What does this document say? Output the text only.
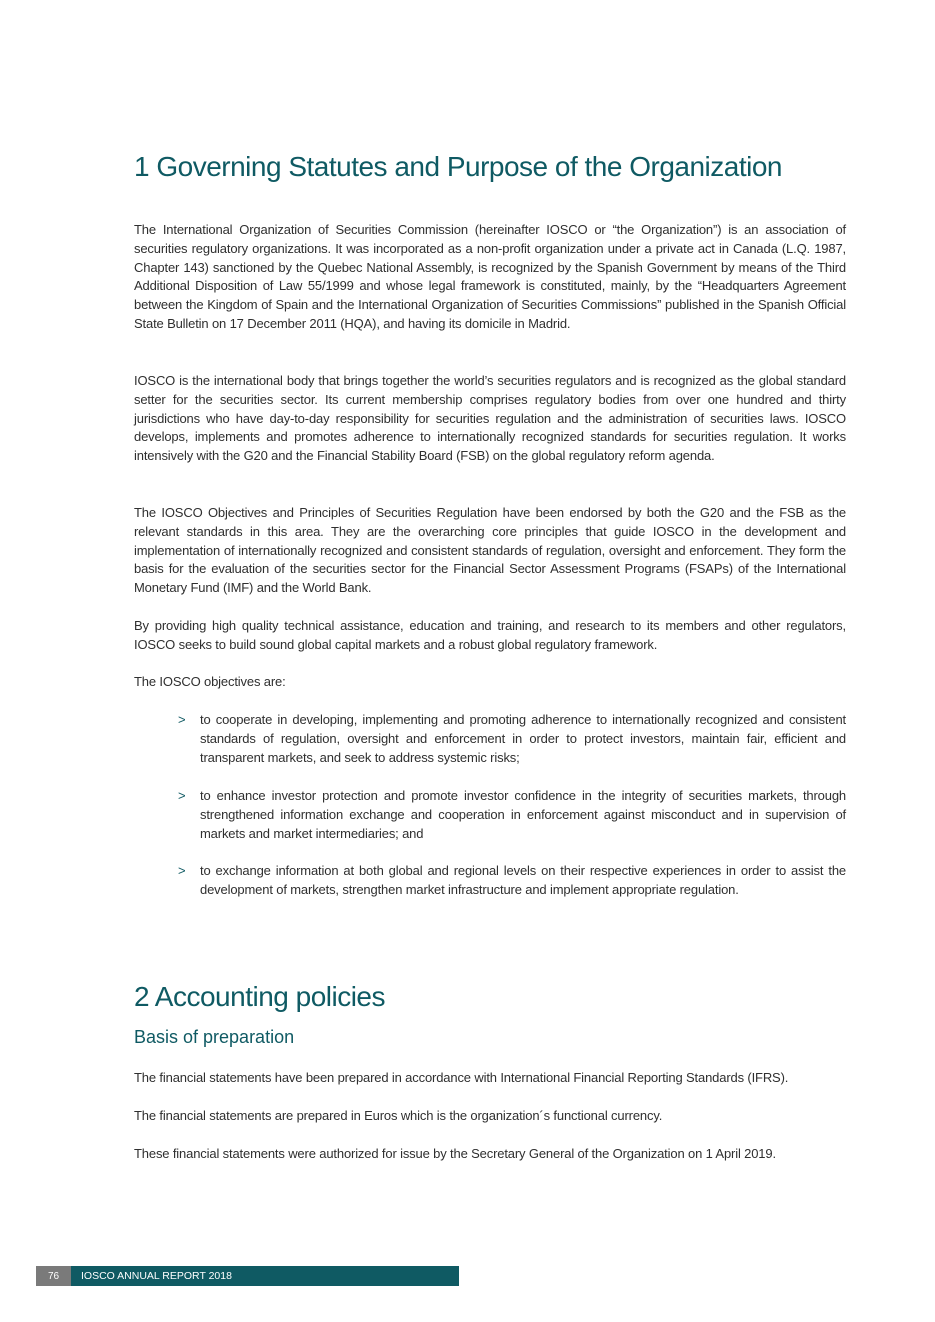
1 Governing Statutes and Purpose of the Organization

The International Organization of Securities Commission (hereinafter IOSCO or “the Organization”) is an association of securities regulatory organizations. It was incorporated as a non-profit organization under a private act in Canada (L.Q. 1987, Chapter 143) sanctioned by the Quebec National Assembly, is recognized by the Spanish Government by means of the Third Additional Disposition of Law 55/1999 and whose legal framework is constituted, mainly, by the “Headquarters Agreement between the Kingdom of Spain and the International Organization of Securities Commissions” published in the Spanish Official State Bulletin on 17 December 2011 (HQA), and having its domicile in Madrid.

IOSCO is the international body that brings together the world’s securities regulators and is recognized as the global standard setter for the securities sector. Its current membership comprises regulatory bodies from over one hundred and thirty jurisdictions who have day-to-day responsibility for securities regulation and the administration of securities laws. IOSCO develops, implements and promotes adherence to internationally recognized standards for securities regulation. It works intensively with the G20 and the Financial Stability Board (FSB) on the global regulatory reform agenda.

The IOSCO Objectives and Principles of Securities Regulation have been endorsed by both the G20 and the FSB as the relevant standards in this area. They are the overarching core principles that guide IOSCO in the development and implementation of internationally recognized and consistent standards of regulation, oversight and enforcement. They form the basis for the evaluation of the securities sector for the Financial Sector Assessment Programs (FSAPs) of the International Monetary Fund (IMF) and the World Bank.

By providing high quality technical assistance, education and training, and research to its members and other regulators, IOSCO seeks to build sound global capital markets and a robust global regulatory framework.

The IOSCO objectives are:

> to cooperate in developing, implementing and promoting adherence to internationally recognized and consistent standards of regulation, oversight and enforcement in order to protect investors, maintain fair, efficient and transparent markets, and seek to address systemic risks;

> to enhance investor protection and promote investor confidence in the integrity of securities markets, through strengthened information exchange and cooperation in enforcement against misconduct and in supervision of markets and market intermediaries; and

> to exchange information at both global and regional levels on their respective experiences in order to assist the development of markets, strengthen market infrastructure and implement appropriate regulation.

2 Accounting policies
Basis of preparation

The financial statements have been prepared in accordance with International Financial Reporting Standards (IFRS).

The financial statements are prepared in Euros which is the organization´s functional currency.

These financial statements were authorized for issue by the Secretary General of the Organization on 1 April 2019.

76	IOSCO ANNUAL REPORT 2018
